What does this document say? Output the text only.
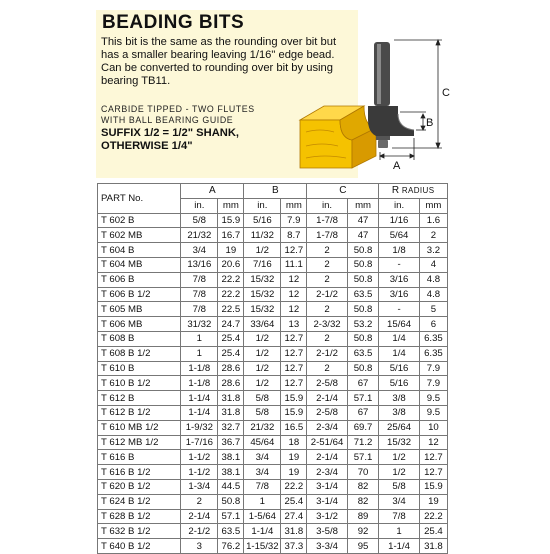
BEADING BITS

This bit is the same as the rounding over bit but has a smaller bearing leaving 1/16" edge bead.

Can be converted to rounding over bit by using bearing TB11.

CARBIDE TIPPED - TWO FLUTES
WITH BALL BEARING GUIDE
SUFFIX 1/2 = 1/2" SHANK,
OTHERWISE 1/4"
C
B
A
PART No.	A		B		C		R RADIUS	
	in.	mm	in.	mm	in.	mm	in.	mm
T 602 B	5/8	15.9	5/16	7.9	1-7/8	47	1/16	1.6
T 602 MB	21/32	16.7	11/32	8.7	1-7/8	47	5/64	2
T 604 B	3/4	19	1/2	12.7	2	50.8	1/8	3.2
T 604 MB	13/16	20.6	7/16	11.1	2	50.8	-	4
T 606 B	7/8	22.2	15/32	12	2	50.8	3/16	4.8
T 606 B 1/2	7/8	22.2	15/32	12	2-1/2	63.5	3/16	4.8
T 605 MB	7/8	22.5	15/32	12	2	50.8	-	5
T 606 MB	31/32	24.7	33/64	13	2-3/32	53.2	15/64	6
T 608 B	1	25.4	1/2	12.7	2	50.8	1/4	6.35
T 608 B 1/2	1	25.4	1/2	12.7	2-1/2	63.5	1/4	6.35
T 610 B	1-1/8	28.6	1/2	12.7	2	50.8	5/16	7.9
T 610 B 1/2	1-1/8	28.6	1/2	12.7	2-5/8	67	5/16	7.9
T 612 B	1-1/4	31.8	5/8	15.9	2-1/4	57.1	3/8	9.5
T 612 B 1/2	1-1/4	31.8	5/8	15.9	2-5/8	67	3/8	9.5
T 610 MB 1/2	1-9/32	32.7	21/32	16.5	2-3/4	69.7	25/64	10
T 612 MB 1/2	1-7/16	36.7	45/64	18	2-51/64	71.2	15/32	12
T 616 B	1-1/2	38.1	3/4	19	2-1/4	57.1	1/2	12.7
T 616 B 1/2	1-1/2	38.1	3/4	19	2-3/4	70	1/2	12.7
T 620 B 1/2	1-3/4	44.5	7/8	22.2	3-1/4	82	5/8	15.9
T 624 B 1/2	2	50.8	1	25.4	3-1/4	82	3/4	19
T 628 B 1/2	2-1/4	57.1	1-5/64	27.4	3-1/2	89	7/8	22.2
T 632 B 1/2	2-1/2	63.5	1-1/4	31.8	3-5/8	92	1	25.4
T 640 B 1/2	3	76.2	1-15/32	37.3	3-3/4	95	1-1/4	31.8
